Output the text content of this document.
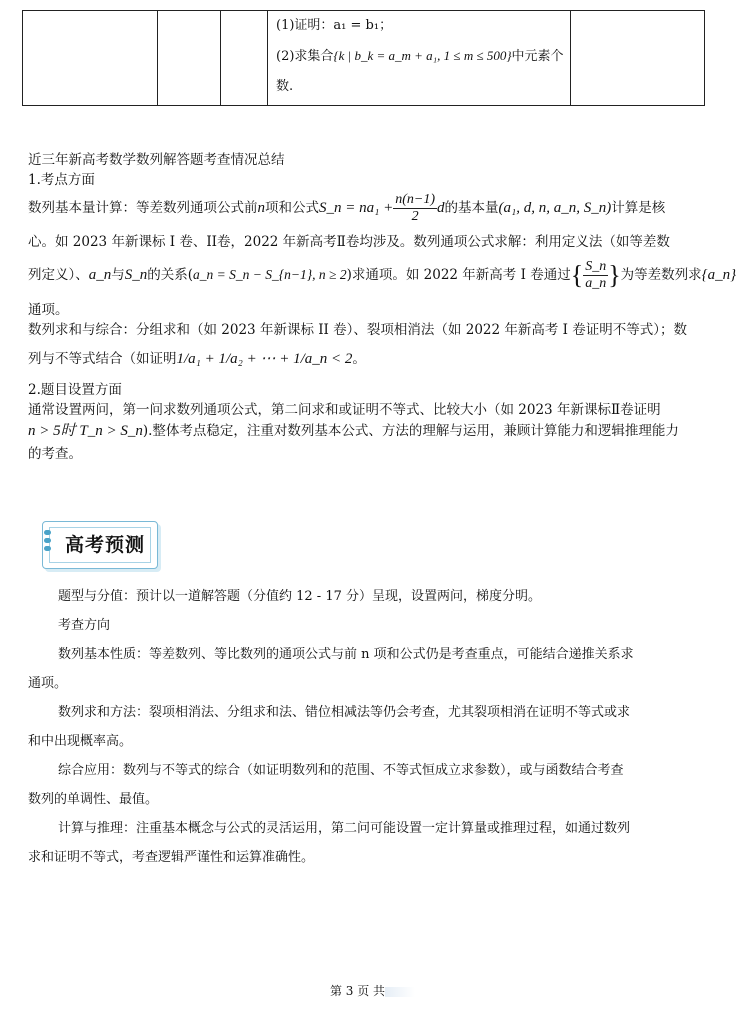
(1)证明：a₁ = b₁；
(2)求集合{k | b_k = a_m + a₁, 1 ≤ m ≤ 500}中元素个
数.

近三年新高考数学数列解答题考查情况总结
1.考点方面
数列基本量计算：等差数列通项公式前n项和公式S_n = $na_1 + \frac{n(n-1)}{2}$ d的基本量(a₁, d, n, a_n, S_n)计算是核
心。如 2023 年新课标 I 卷、II卷，2022 年新高考Ⅱ卷均涉及。数列通项公式求解：利用定义法（如等差数
列定义）、a_n与S_n的关系(a_n = S_n − S_{n−1}, n ≥ 2)求通项。如 2022 年新高考 I 卷通过{ $\frac{S\_n}{a\_n}$ }为等差数列求{a_n}
通项。
数列求和与综合：分组求和（如 2023 年新课标 II 卷）、裂项相消法（如 2022 年新高考 I 卷证明不等式）；数
列与不等式结合（如证明1/a₁ + 1/a₂ + ⋯ + 1/a_n < 2。
2.题目设置方面
通常设置两问，第一问求数列通项公式，第二问求和或证明不等式、比较大小（如 2023 年新课标Ⅱ卷证明
n > 5时 T_n > S_n).整体考点稳定，注重对数列基本公式、方法的理解与运用，兼顾计算能力和逻辑推理能力
的考查。
高考预测
题型与分值：预计以一道解答题（分值约 12 - 17 分）呈现，设置两问，梯度分明。
考查方向
数列基本性质：等差数列、等比数列的通项公式与前 n 项和公式仍是考查重点，可能结合递推关系求
通项。
数列求和方法：裂项相消法、分组求和法、错位相减法等仍会考查，尤其裂项相消在证明不等式或求
和中出现概率高。
综合应用：数列与不等式的综合（如证明数列和的范围、不等式恒成立求参数），或与函数结合考查
数列的单调性、最值。
计算与推理：注重基本概念与公式的灵活运用，第二问可能设置一定计算量或推理过程，如通过数列
求和证明不等式，考查逻辑严谨性和运算准确性。
第 3 页 共
